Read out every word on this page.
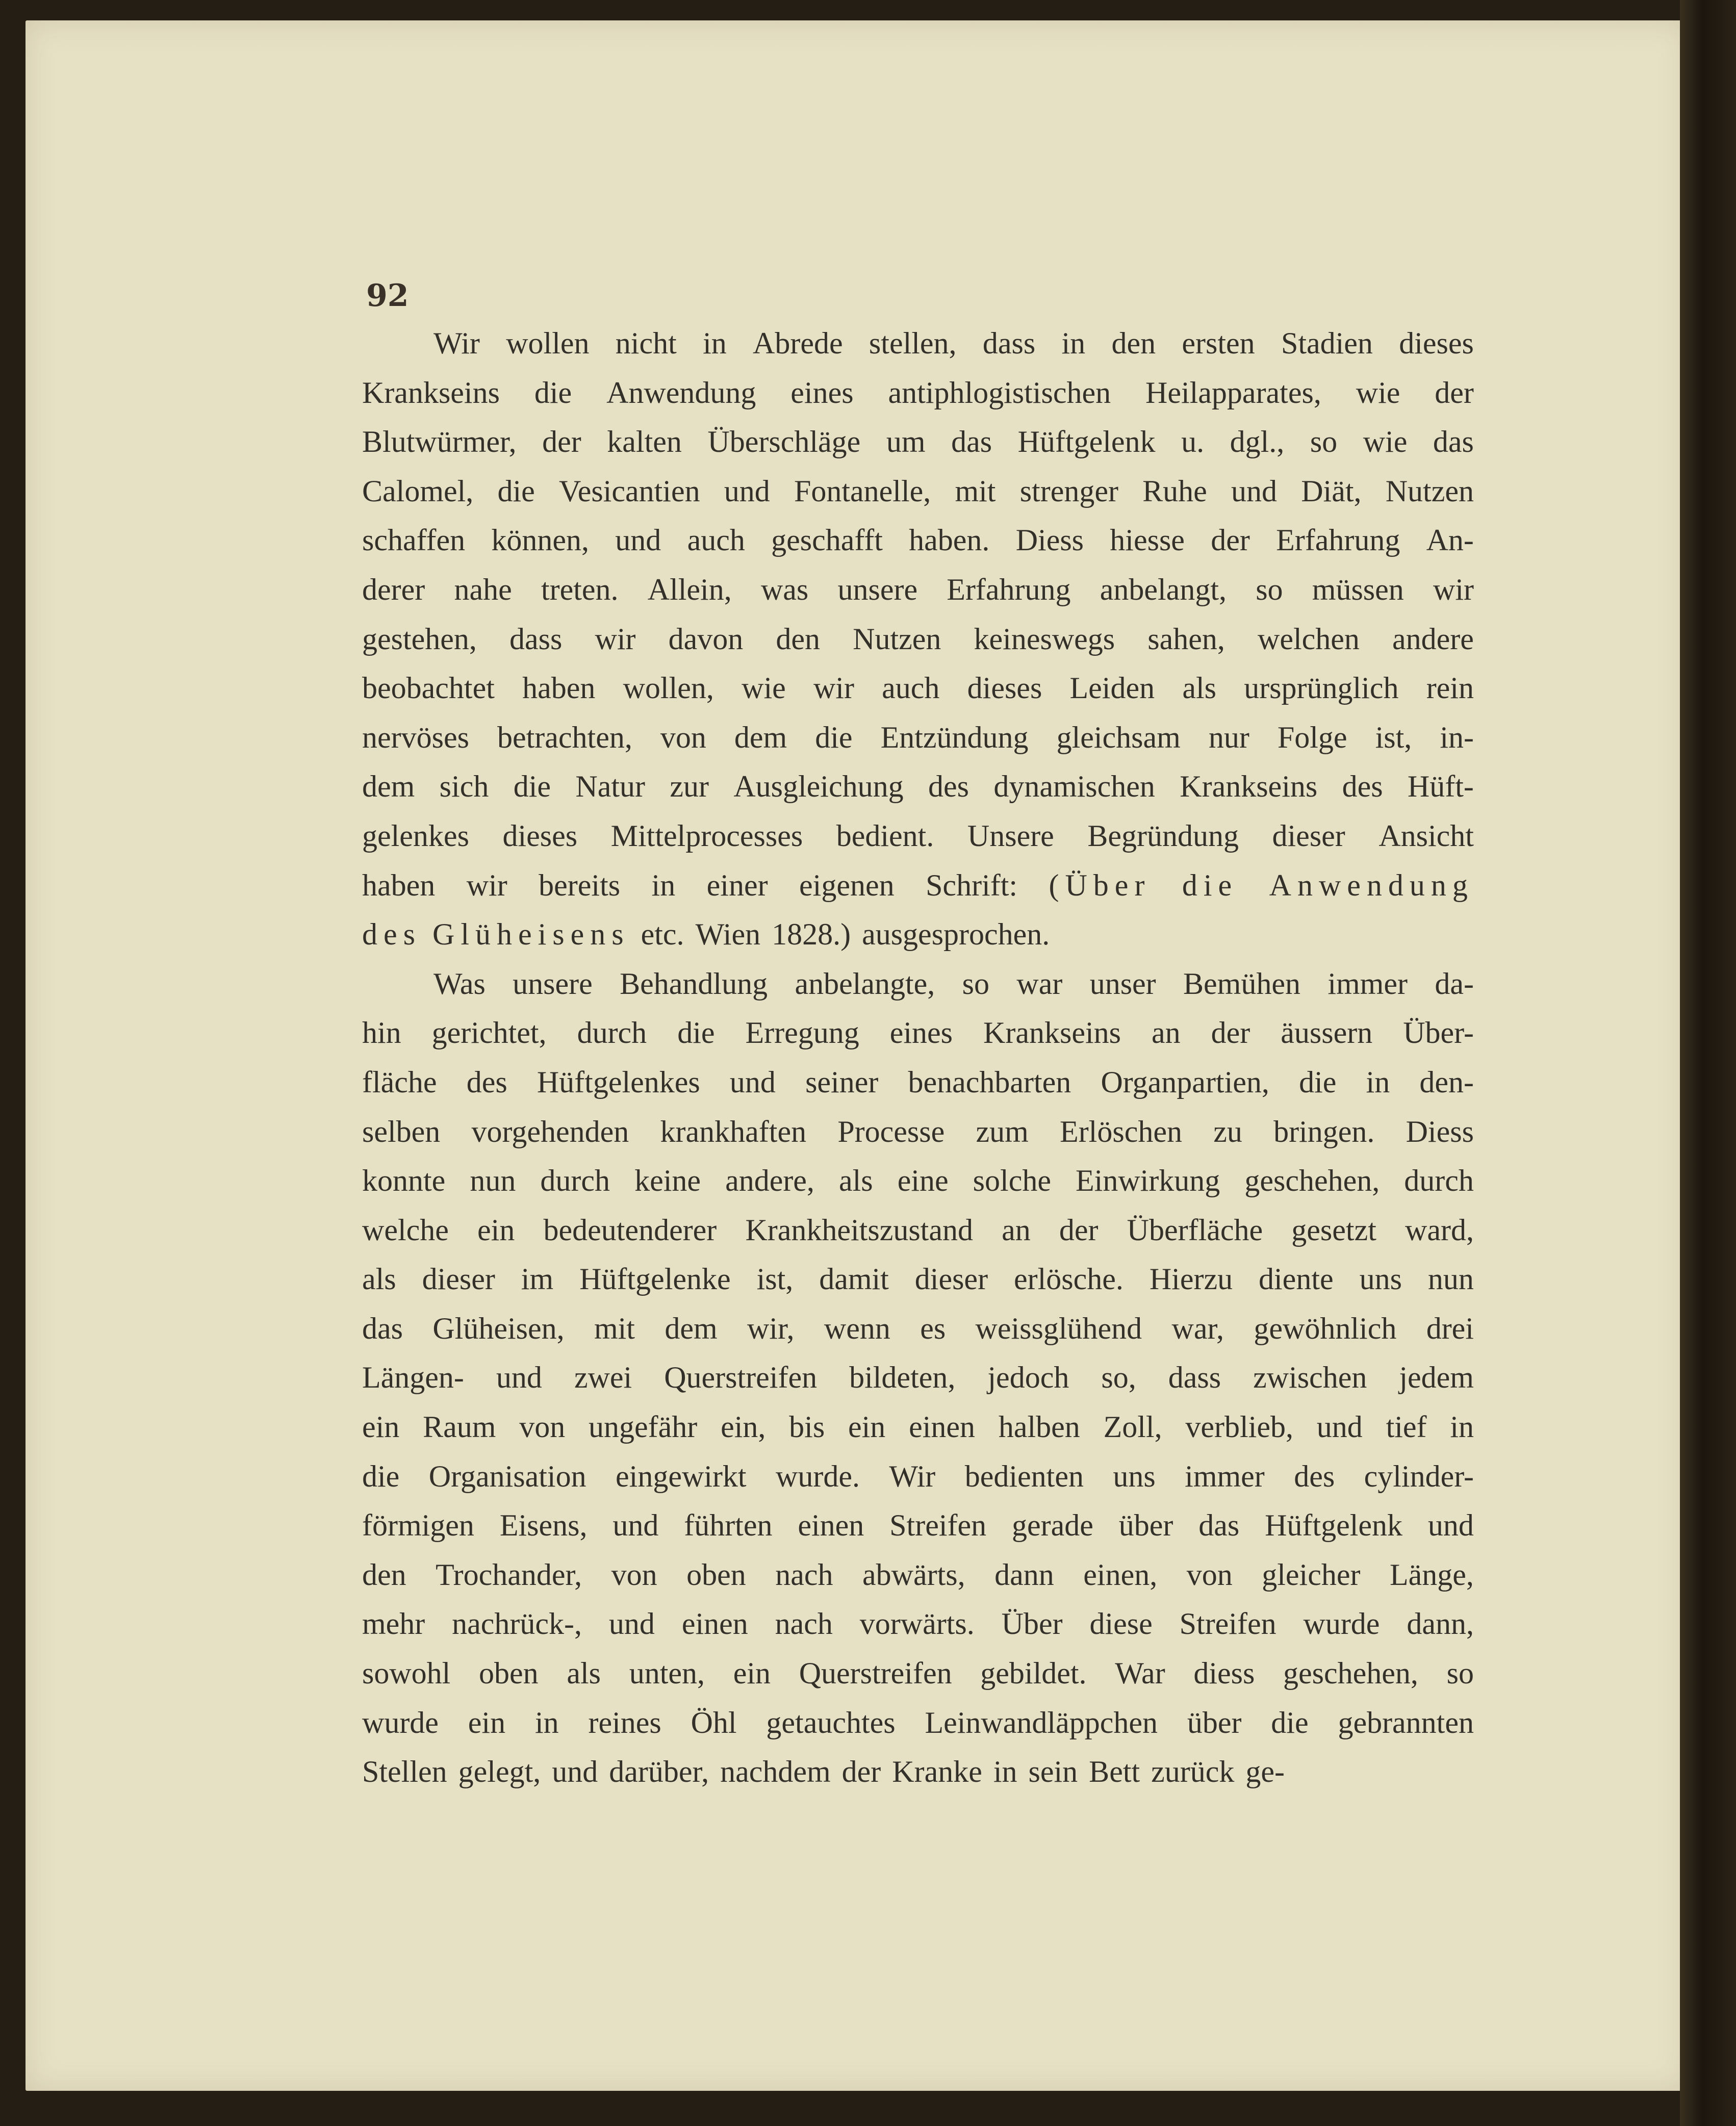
92
Wir wollen nicht in Abrede stellen, dass in den ersten Stadien dieses
Krankseins die Anwendung eines antiphlogistischen Heilapparates, wie der
Blutwürmer, der kalten Überschläge um das Hüftgelenk u. dgl., so wie das
Calomel, die Vesicantien und Fontanelle, mit strenger Ruhe und Diät, Nutzen
schaffen können, und auch geschafft haben. Diess hiesse der Erfahrung An-
derer nahe treten. Allein, was unsere Erfahrung anbelangt, so müssen wir
gestehen, dass wir davon den Nutzen keineswegs sahen, welchen andere
beobachtet haben wollen, wie wir auch dieses Leiden als ursprünglich rein
nervöses betrachten, von dem die Entzündung gleichsam nur Folge ist, in-
dem sich die Natur zur Ausgleichung des dynamischen Krankseins des Hüft-
gelenkes dieses Mittelprocesses bedient. Unsere Begründung dieser Ansicht
haben wir bereits in einer eigenen Schrift: (Über die Anwendung
des Glüheisens etc. Wien 1828.) ausgesprochen.
Was unsere Behandlung anbelangte, so war unser Bemühen immer da-
hin gerichtet, durch die Erregung eines Krankseins an der äussern Über-
fläche des Hüftgelenkes und seiner benachbarten Organpartien, die in den-
selben vorgehenden krankhaften Processe zum Erlöschen zu bringen. Diess
konnte nun durch keine andere, als eine solche Einwirkung geschehen, durch
welche ein bedeutenderer Krankheitszustand an der Überfläche gesetzt ward,
als dieser im Hüftgelenke ist, damit dieser erlösche. Hierzu diente uns nun
das Glüheisen, mit dem wir, wenn es weissglühend war, gewöhnlich drei
Längen- und zwei Querstreifen bildeten, jedoch so, dass zwischen jedem
ein Raum von ungefähr ein, bis ein einen halben Zoll, verblieb, und tief in
die Organisation eingewirkt wurde. Wir bedienten uns immer des cylinder-
förmigen Eisens, und führten einen Streifen gerade über das Hüftgelenk und
den Trochander, von oben nach abwärts, dann einen, von gleicher Länge,
mehr nachrück-, und einen nach vorwärts. Über diese Streifen wurde dann,
sowohl oben als unten, ein Querstreifen gebildet. War diess geschehen, so
wurde ein in reines Öhl getauchtes Leinwandläppchen über die gebrannten
Stellen gelegt, und darüber, nachdem der Kranke in sein Bett zurück ge-
